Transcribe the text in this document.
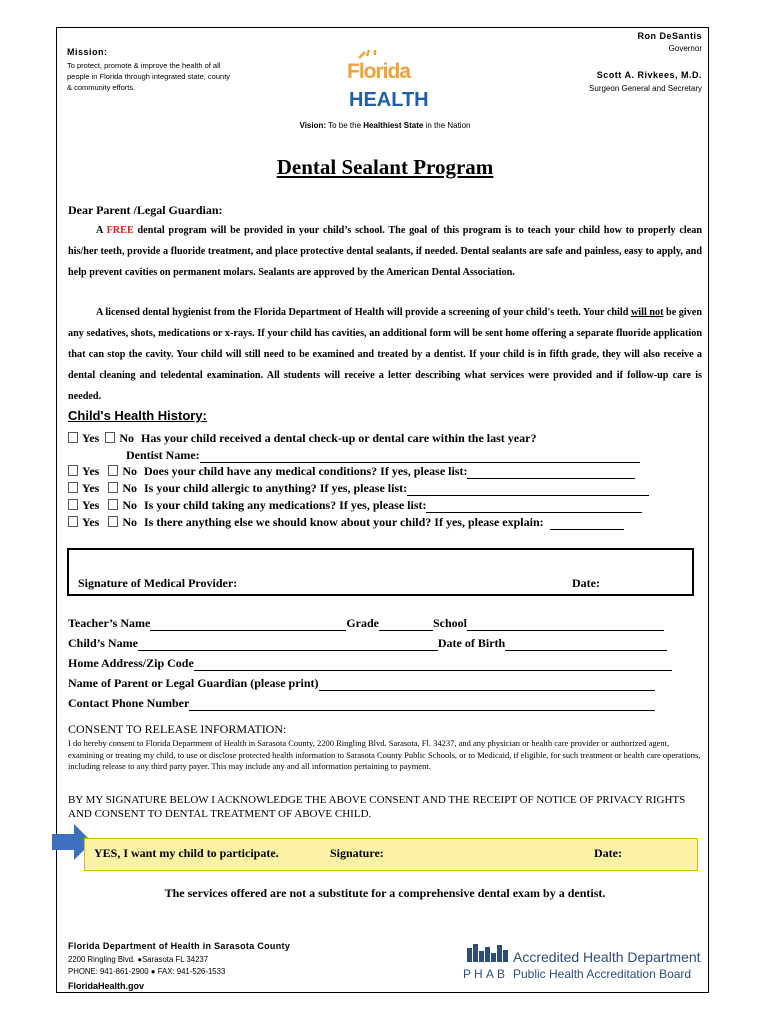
Mission:
To protect, promote & improve the health of all people in Florida through integrated state, county & community efforts.
Florida
HEALTH
Ron DeSantis
Governor
Scott A. Rivkees, M.D.
Surgeon General and Secretary
Vision: To be the Healthiest State in the Nation
Dental Sealant Program
Dear Parent /Legal Guardian:
A FREE dental program will be provided in your child’s school. The goal of this program is to teach your child how to properly clean his/her teeth, provide a fluoride treatment, and place protective dental sealants, if needed. Dental sealants are safe and painless, easy to apply, and help prevent cavities on permanent molars. Sealants are approved by the American Dental Association.
A licensed dental hygienist from the Florida Department of Health will provide a screening of your child's teeth. Your child will not be given any sedatives, shots, medications or x-rays. If your child has cavities, an additional form will be sent home offering a separate fluoride application that can stop the cavity. Your child will still need to be examined and treated by a dentist. If your child is in fifth grade, they will also receive a dental cleaning and teledental examination. All students will receive a letter describing what services were provided and if follow-up care is needed.
Child's Health History:
Yes No Has your child received a dental check-up or dental care within the last year?
Dentist Name:
Yes No Does your child have any medical conditions? If yes, please list:
Yes No Is your child allergic to anything? If yes, please list:
Yes No Is your child taking any medications? If yes, please list:
Yes No Is there anything else we should know about your child? If yes, please explain:
Signature of Medical Provider:	Date:
Teacher’s Name	Grade	School
Child’s Name	Date of Birth
Home Address/Zip Code
Name of Parent or Legal Guardian (please print)
Contact Phone Number
CONSENT TO RELEASE INFORMATION:
I do hereby consent to Florida Department of Health in Sarasota County, 2200 Ringling Blvd. Sarasota, Fl. 34237, and any physician or health care provider or authorized agent, examining or treating my child, to use or disclose protected health information to Sarasota County Public Schools, or to Medicaid, if eligible, for such treatment or health care operations, including release to any third party payer. This may include any and all information pertaining to payment.
BY MY SIGNATURE BELOW I ACKNOWLEDGE THE ABOVE CONSENT AND THE RECEIPT OF NOTICE OF PRIVACY RIGHTS AND CONSENT TO DENTAL TREATMENT OF ABOVE CHILD.
YES, I want my child to participate.	Signature:	Date:
The services offered are not a substitute for a comprehensive dental exam by a dentist.
Florida Department of Health in Sarasota County
2200 Ringling Blvd. ●Sarasota FL 34237
PHONE: 941-861-2900 ● FAX: 941-526-1533
FloridaHealth.gov
P H A B
Accredited Health Department
Public Health Accreditation Board
